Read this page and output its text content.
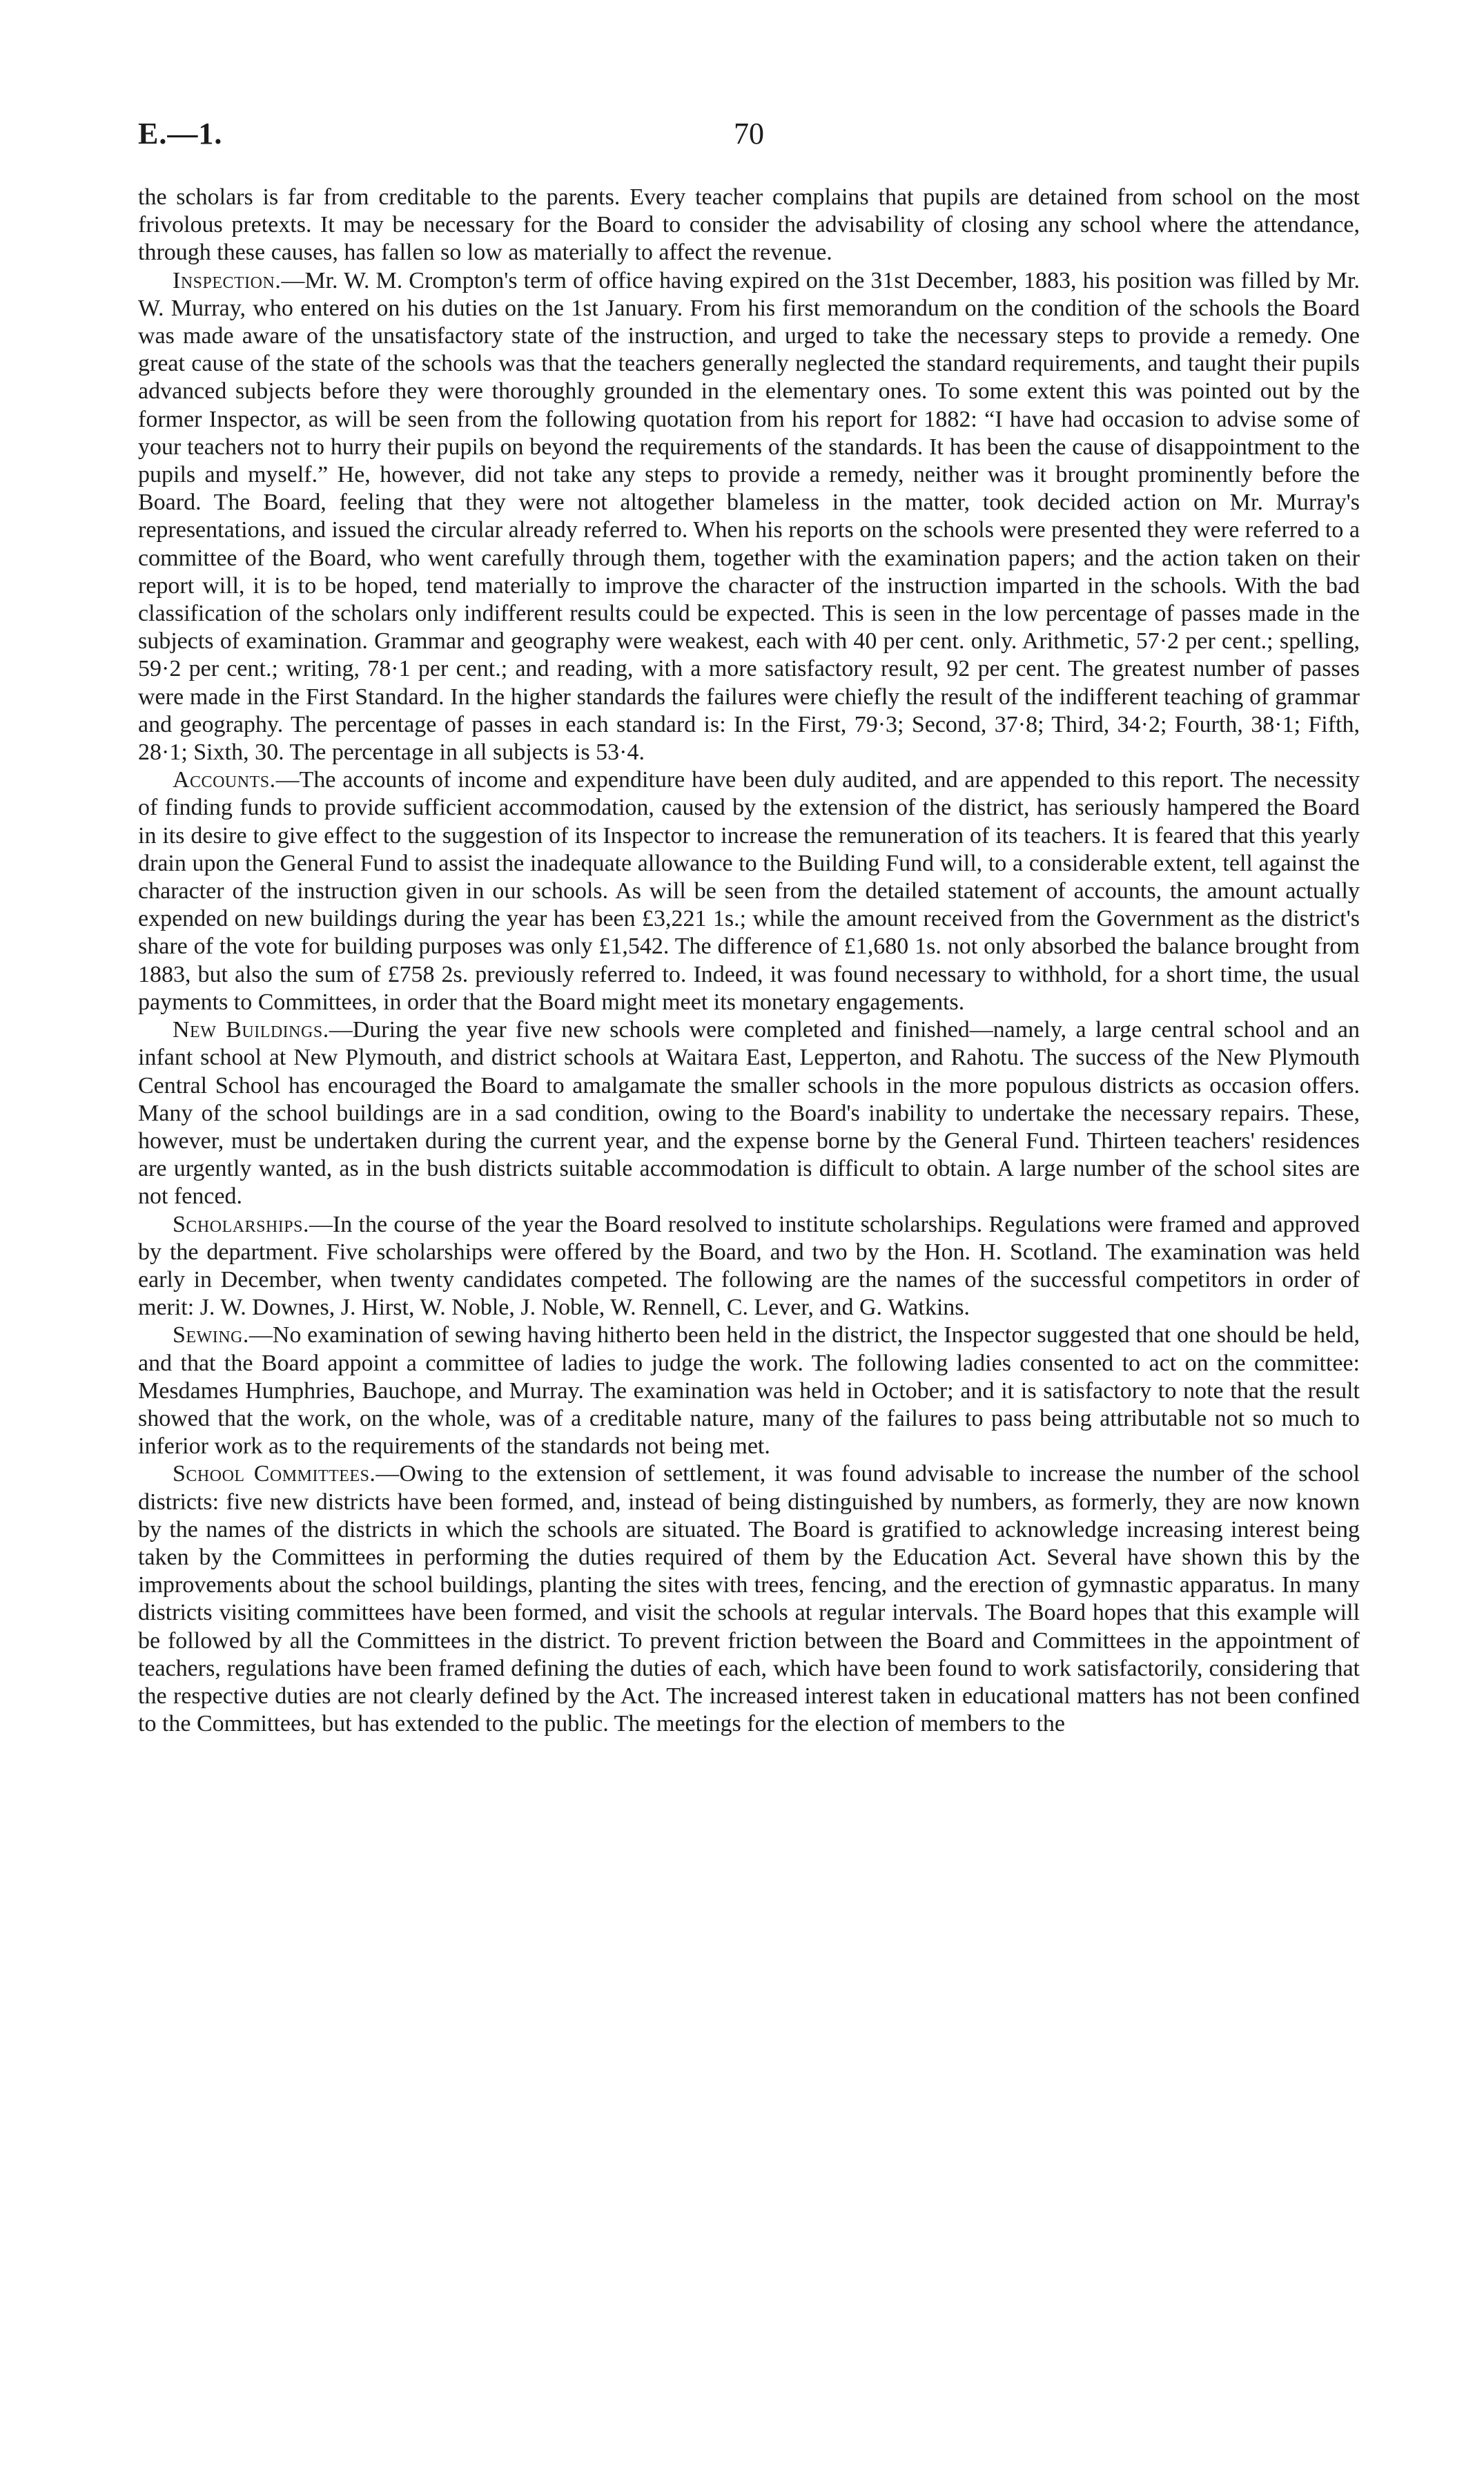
E.—1.	70

the scholars is far from creditable to the parents. Every teacher complains that pupils are detained from school on the most frivolous pretexts. It may be necessary for the Board to consider the advisability of closing any school where the attendance, through these causes, has fallen so low as materially to affect the revenue.

Inspection.—Mr. W. M. Crompton's term of office having expired on the 31st December, 1883, his position was filled by Mr. W. Murray, who entered on his duties on the 1st January. From his first memorandum on the condition of the schools the Board was made aware of the unsatisfactory state of the instruction, and urged to take the necessary steps to provide a remedy. One great cause of the state of the schools was that the teachers generally neglected the standard requirements, and taught their pupils advanced subjects before they were thoroughly grounded in the elementary ones. To some extent this was pointed out by the former Inspector, as will be seen from the following quotation from his report for 1882: “I have had occasion to advise some of your teachers not to hurry their pupils on beyond the requirements of the standards. It has been the cause of disappointment to the pupils and myself.” He, however, did not take any steps to provide a remedy, neither was it brought prominently before the Board. The Board, feeling that they were not altogether blameless in the matter, took decided action on Mr. Murray's representations, and issued the circular already referred to. When his reports on the schools were presented they were referred to a committee of the Board, who went carefully through them, together with the examination papers; and the action taken on their report will, it is to be hoped, tend materially to improve the character of the instruction imparted in the schools. With the bad classification of the scholars only indifferent results could be expected. This is seen in the low percentage of passes made in the subjects of examination. Grammar and geography were weakest, each with 40 per cent. only. Arithmetic, 57·2 per cent.; spelling, 59·2 per cent.; writing, 78·1 per cent.; and reading, with a more satisfactory result, 92 per cent. The greatest number of passes were made in the First Standard. In the higher standards the failures were chiefly the result of the indifferent teaching of grammar and geography. The percentage of passes in each standard is: In the First, 79·3; Second, 37·8; Third, 34·2; Fourth, 38·1; Fifth, 28·1; Sixth, 30. The percentage in all subjects is 53·4.

Accounts.—The accounts of income and expenditure have been duly audited, and are appended to this report. The necessity of finding funds to provide sufficient accommodation, caused by the extension of the district, has seriously hampered the Board in its desire to give effect to the suggestion of its Inspector to increase the remuneration of its teachers. It is feared that this yearly drain upon the General Fund to assist the inadequate allowance to the Building Fund will, to a considerable extent, tell against the character of the instruction given in our schools. As will be seen from the detailed statement of accounts, the amount actually expended on new buildings during the year has been £3,221 1s.; while the amount received from the Government as the district's share of the vote for building purposes was only £1,542. The difference of £1,680 1s. not only absorbed the balance brought from 1883, but also the sum of £758 2s. previously referred to. Indeed, it was found necessary to withhold, for a short time, the usual payments to Committees, in order that the Board might meet its monetary engagements.

New Buildings.—During the year five new schools were completed and finished—namely, a large central school and an infant school at New Plymouth, and district schools at Waitara East, Lepperton, and Rahotu. The success of the New Plymouth Central School has encouraged the Board to amalgamate the smaller schools in the more populous districts as occasion offers. Many of the school buildings are in a sad condition, owing to the Board's inability to undertake the necessary repairs. These, however, must be undertaken during the current year, and the expense borne by the General Fund. Thirteen teachers' residences are urgently wanted, as in the bush districts suitable accommodation is difficult to obtain. A large number of the school sites are not fenced.

Scholarships.—In the course of the year the Board resolved to institute scholarships. Regulations were framed and approved by the department. Five scholarships were offered by the Board, and two by the Hon. H. Scotland. The examination was held early in December, when twenty candidates competed. The following are the names of the successful competitors in order of merit: J. W. Downes, J. Hirst, W. Noble, J. Noble, W. Rennell, C. Lever, and G. Watkins.

Sewing.—No examination of sewing having hitherto been held in the district, the Inspector suggested that one should be held, and that the Board appoint a committee of ladies to judge the work. The following ladies consented to act on the committee: Mesdames Humphries, Bauchope, and Murray. The examination was held in October; and it is satisfactory to note that the result showed that the work, on the whole, was of a creditable nature, many of the failures to pass being attributable not so much to inferior work as to the requirements of the standards not being met.

School Committees.—Owing to the extension of settlement, it was found advisable to increase the number of the school districts: five new districts have been formed, and, instead of being distinguished by numbers, as formerly, they are now known by the names of the districts in which the schools are situated. The Board is gratified to acknowledge increasing interest being taken by the Committees in performing the duties required of them by the Education Act. Several have shown this by the improvements about the school buildings, planting the sites with trees, fencing, and the erection of gymnastic apparatus. In many districts visiting committees have been formed, and visit the schools at regular intervals. The Board hopes that this example will be followed by all the Committees in the district. To prevent friction between the Board and Committees in the appointment of teachers, regulations have been framed defining the duties of each, which have been found to work satisfactorily, considering that the respective duties are not clearly defined by the Act. The increased interest taken in educational matters has not been confined to the Committees, but has extended to the public. The meetings for the election of members to the
